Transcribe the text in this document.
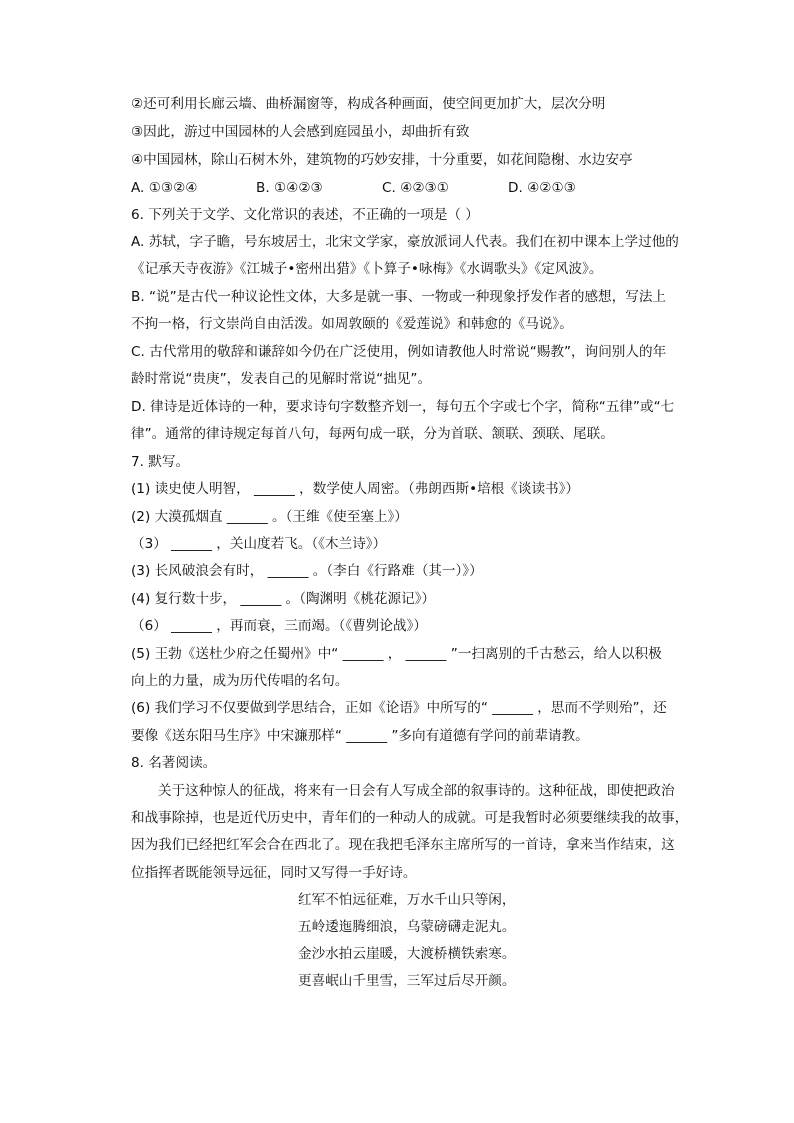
②还可利用长廊云墙、曲桥漏窗等，构成各种画面，使空间更加扩大，层次分明
③因此，游过中国园林的人会感到庭园虽小，却曲折有致
④中国园林，除山石树木外，建筑物的巧妙安排，十分重要，如花间隐榭、水边安亭
A. ①③②④	B. ①④②③	C. ④②③①	D. ④②①③
6. 下列关于文学、文化常识的表述，不正确的一项是（ ）
A. 苏轼，字子瞻，号东坡居士，北宋文学家，豪放派词人代表。我们在初中课本上学过他的
《记承天寺夜游》《江城子•密州出猎》《卜算子•咏梅》《水调歌头》《定风波》。
B. “说”是古代一种议论性文体，大多是就一事、一物或一种现象抒发作者的感想，写法上
不拘一格，行文崇尚自由活泼。如周敦颐的《爱莲说》和韩愈的《马说》。
C. 古代常用的敬辞和谦辞如今仍在广泛使用，例如请教他人时常说“赐教”，询问别人的年
龄时常说“贵庚”，发表自己的见解时常说“拙见”。
D. 律诗是近体诗的一种，要求诗句字数整齐划一，每句五个字或七个字，简称“五律”或“七
律”。通常的律诗规定每首八句，每两句成一联，分为首联、颔联、颈联、尾联。
7. 默写。
(1) 读史使人明智， ______ ，数学使人周密。（弗朗西斯•培根《谈读书》）
(2) 大漠孤烟直 ______ 。（王维《使至塞上》）
（3） ______ ，关山度若飞。（《木兰诗》）
(3) 长风破浪会有时， ______ 。（李白《行路难（其一）》）
(4) 复行数十步， ______ 。（陶渊明《桃花源记》）
（6） ______ ，再而衰，三而竭。（《曹刿论战》）
(5) 王勃《送杜少府之任蜀州》中“ ______ ， ______ ”一扫离别的千古愁云，给人以积极
向上的力量，成为历代传唱的名句。
(6) 我们学习不仅要做到学思结合，正如《论语》中所写的“ ______ ，思而不学则殆”，还
要像《送东阳马生序》中宋濂那样“ ______ ”多向有道德有学问的前辈请教。
8. 名著阅读。
关于这种惊人的征战，将来有一日会有人写成全部的叙事诗的。这种征战，即使把政治
和战事除掉，也是近代历史中，青年们的一种动人的成就。可是我暂时必须要继续我的故事，
因为我们已经把红军会合在西北了。现在我把毛泽东主席所写的一首诗，拿来当作结束，这
位指挥者既能领导远征，同时又写得一手好诗。
红军不怕远征难，万水千山只等闲，
五岭逶迤腾细浪，乌蒙磅礴走泥丸。
金沙水拍云崖暖，大渡桥横铁索寒。
更喜岷山千里雪，三军过后尽开颜。
